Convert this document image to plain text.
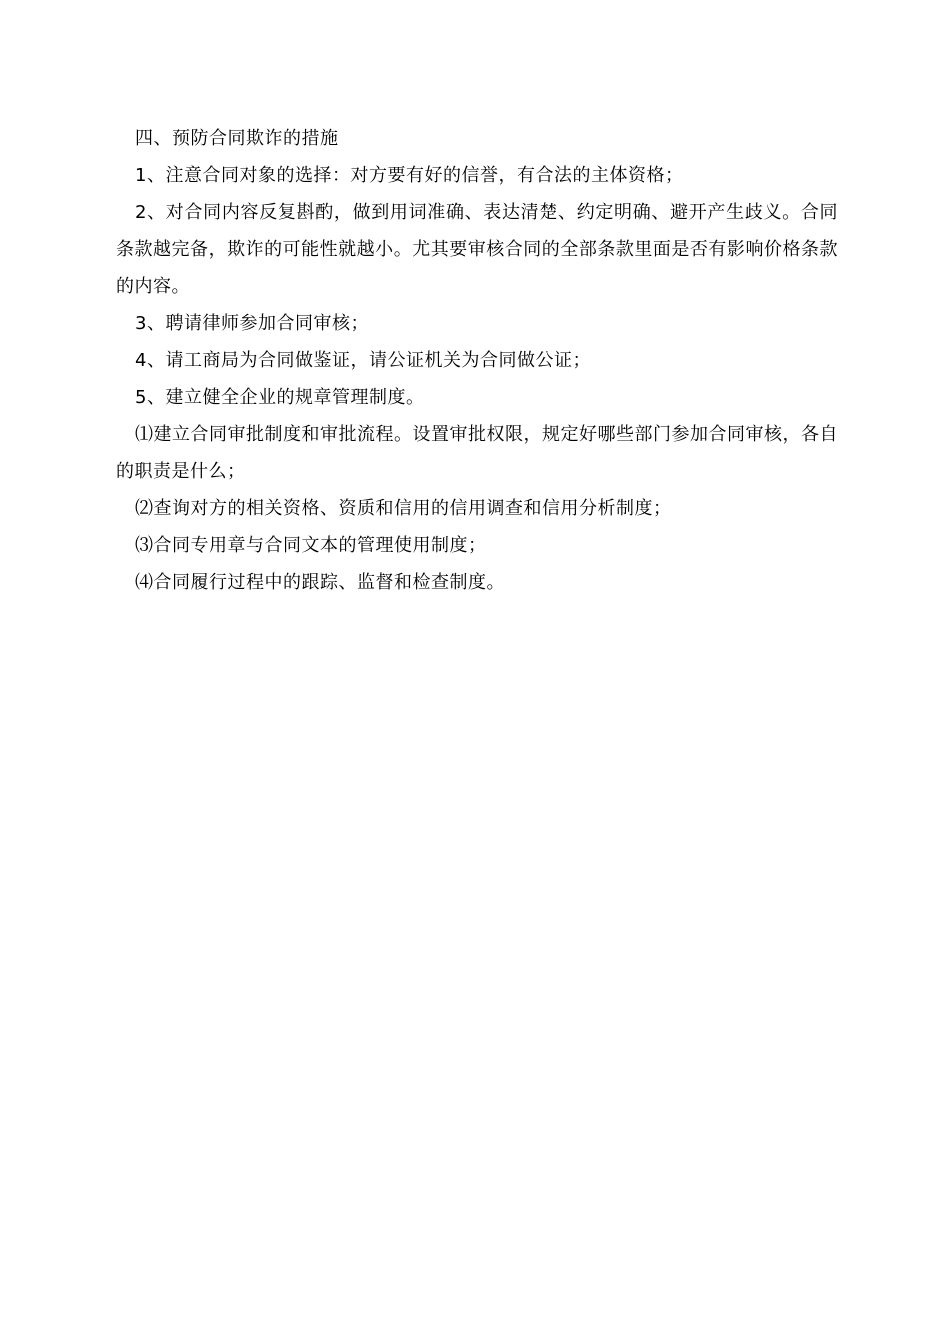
四、预防合同欺诈的措施

1、注意合同对象的选择：对方要有好的信誉，有合法的主体资格；

2、对合同内容反复斟酌，做到用词准确、表达清楚、约定明确、避开产生歧义。合同条款越完备，欺诈的可能性就越小。尤其要审核合同的全部条款里面是否有影响价格条款的内容。

3、聘请律师参加合同审核；

4、请工商局为合同做鉴证，请公证机关为合同做公证；

5、建立健全企业的规章管理制度。

⑴建立合同审批制度和审批流程。设置审批权限，规定好哪些部门参加合同审核，各自的职责是什么；

⑵查询对方的相关资格、资质和信用的信用调查和信用分析制度；

⑶合同专用章与合同文本的管理使用制度；

⑷合同履行过程中的跟踪、监督和检查制度。
